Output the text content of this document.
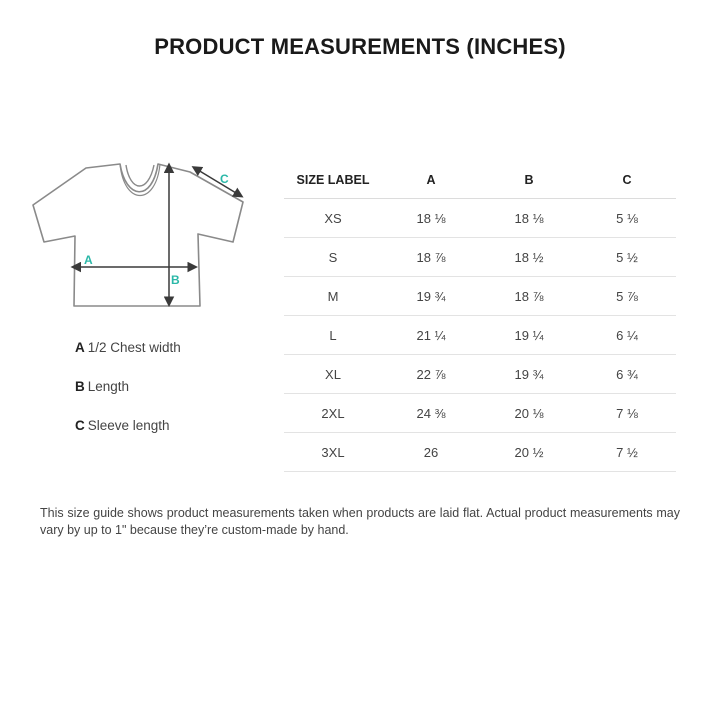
PRODUCT MEASUREMENTS (INCHES)
A
B
C
A 1/2 Chest width
B Length
C Sleeve length
SIZE LABEL	A	B	C
XS	18 ⅛	18 ⅛	5 ⅛
S	18 ⅞	18 ½	5 ½
M	19 ¾	18 ⅞	5 ⅞
L	21 ¼	19 ¼	6 ¼
XL	22 ⅞	19 ¾	6 ¾
2XL	24 ⅜	20 ⅛	7 ⅛
3XL	26	20 ½	7 ½
This size guide shows product measurements taken when products are laid flat. Actual product measurements may vary by up to 1" because they’re custom-made by hand.
